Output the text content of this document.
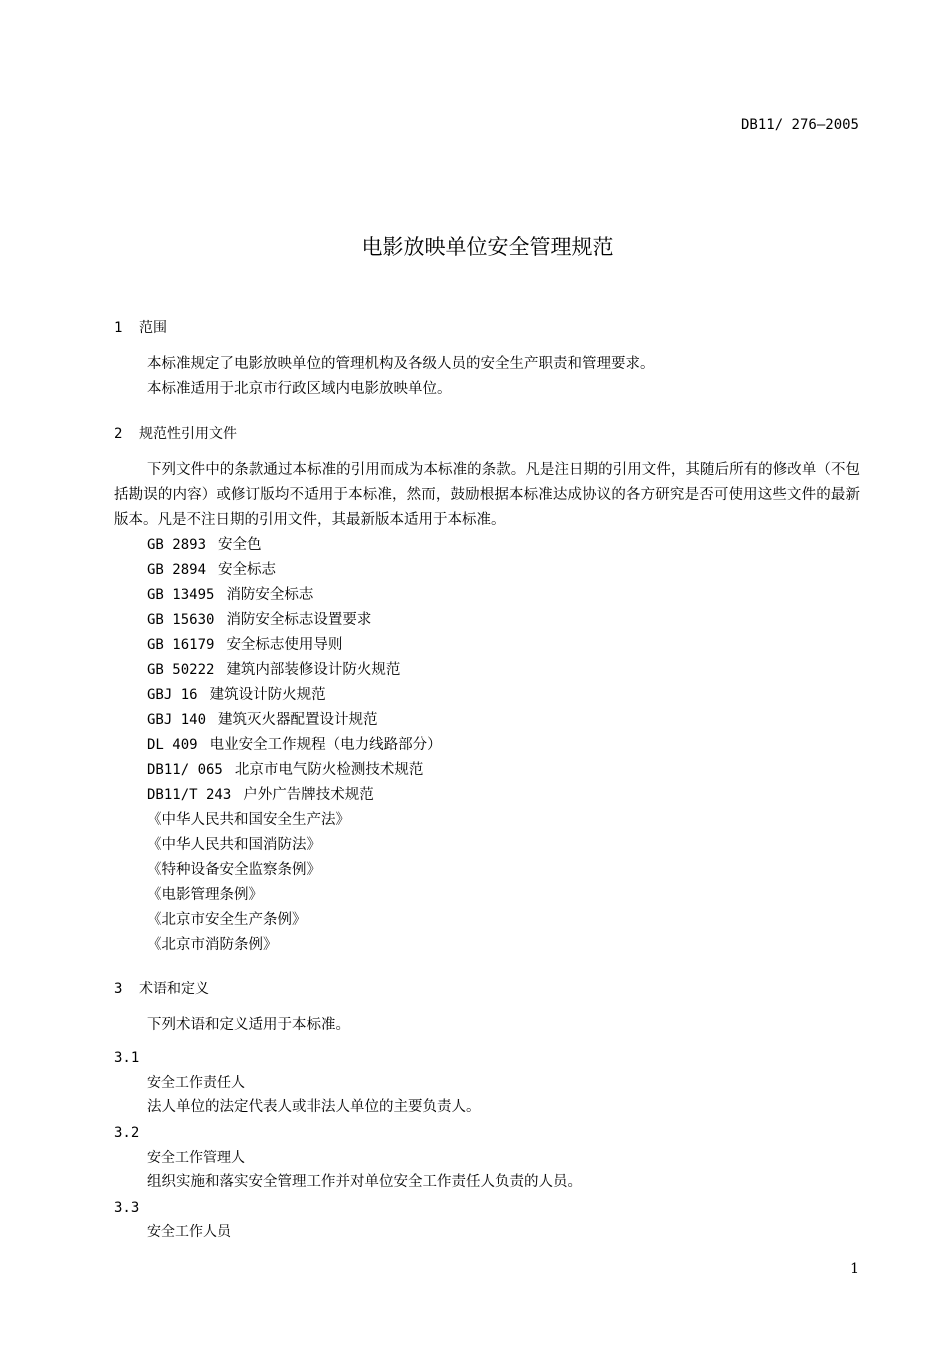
DB11/ 276—2005
电影放映单位安全管理规范
1 范围
本标准规定了电影放映单位的管理机构及各级人员的安全生产职责和管理要求。
本标准适用于北京市行政区域内电影放映单位。
2 规范性引用文件
下列文件中的条款通过本标准的引用而成为本标准的条款。凡是注日期的引用文件，其随后所有的修改单（不包括勘误的内容）或修订版均不适用于本标准，然而，鼓励根据本标准达成协议的各方研究是否可使用这些文件的最新版本。凡是不注日期的引用文件，其最新版本适用于本标准。
GB 2893 安全色
GB 2894 安全标志
GB 13495 消防安全标志
GB 15630 消防安全标志设置要求
GB 16179 安全标志使用导则
GB 50222 建筑内部装修设计防火规范
GBJ 16 建筑设计防火规范
GBJ 140 建筑灭火器配置设计规范
DL 409 电业安全工作规程（电力线路部分）
DB11/ 065 北京市电气防火检测技术规范
DB11/T 243 户外广告牌技术规范
《中华人民共和国安全生产法》
《中华人民共和国消防法》
《特种设备安全监察条例》
《电影管理条例》
《北京市安全生产条例》
《北京市消防条例》
3 术语和定义
下列术语和定义适用于本标准。
3.1
安全工作责任人
法人单位的法定代表人或非法人单位的主要负责人。
3.2
安全工作管理人
组织实施和落实安全管理工作并对单位安全工作责任人负责的人员。
3.3
安全工作人员
1
